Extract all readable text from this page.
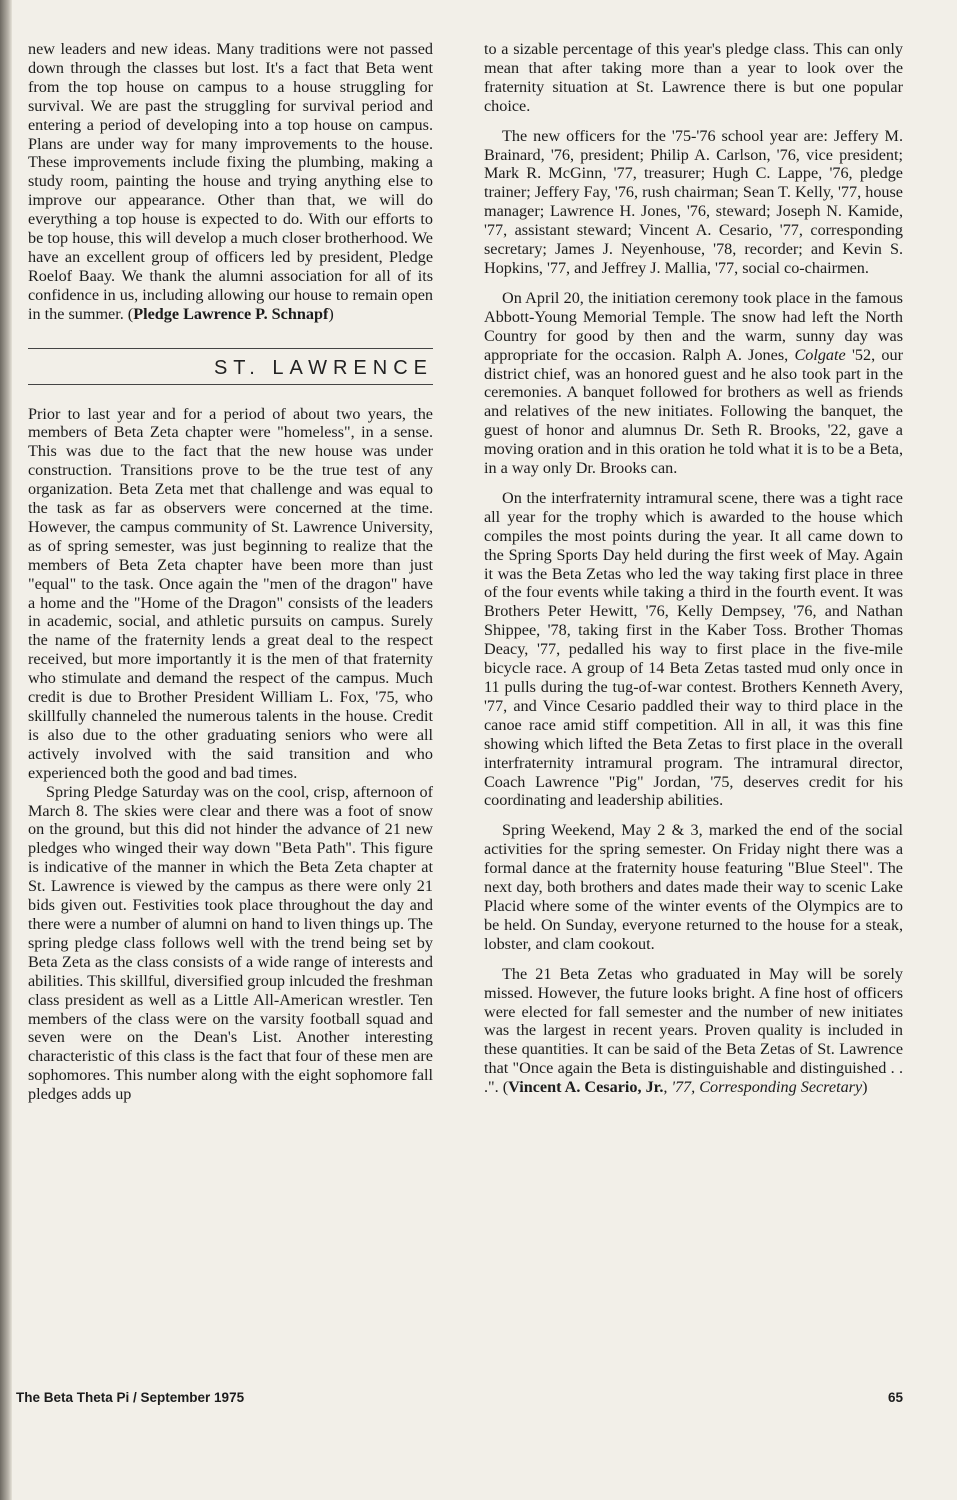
new leaders and new ideas. Many traditions were not passed down through the classes but lost. It's a fact that Beta went from the top house on campus to a house struggling for survival. We are past the struggling for survival period and entering a period of developing into a top house on campus. Plans are under way for many improvements to the house. These improvements include fixing the plumbing, making a study room, painting the house and trying anything else to improve our appearance. Other than that, we will do everything a top house is expected to do. With our efforts to be top house, this will develop a much closer brotherhood. We have an excellent group of officers led by president, Pledge Roelof Baay. We thank the alumni association for all of its confidence in us, including allowing our house to remain open in the summer. (Pledge Lawrence P. Schnapf)

ST. LAWRENCE

Prior to last year and for a period of about two years, the members of Beta Zeta chapter were "homeless", in a sense. This was due to the fact that the new house was under construction. Transitions prove to be the true test of any organization. Beta Zeta met that challenge and was equal to the task as far as observers were concerned at the time. However, the campus community of St. Lawrence University, as of spring semester, was just beginning to realize that the members of Beta Zeta chapter have been more than just "equal" to the task. Once again the "men of the dragon" have a home and the "Home of the Dragon" consists of the leaders in academic, social, and athletic pursuits on campus. Surely the name of the fraternity lends a great deal to the respect received, but more importantly it is the men of that fraternity who stimulate and demand the respect of the campus. Much credit is due to Brother President William L. Fox, '75, who skillfully channeled the numerous talents in the house. Credit is also due to the other graduating seniors who were all actively involved with the said transition and who experienced both the good and bad times.

Spring Pledge Saturday was on the cool, crisp, afternoon of March 8. The skies were clear and there was a foot of snow on the ground, but this did not hinder the advance of 21 new pledges who winged their way down "Beta Path". This figure is indicative of the manner in which the Beta Zeta chapter at St. Lawrence is viewed by the campus as there were only 21 bids given out. Festivities took place throughout the day and there were a number of alumni on hand to liven things up. The spring pledge class follows well with the trend being set by Beta Zeta as the class consists of a wide range of interests and abilities. This skillful, diversified group inlcuded the freshman class president as well as a Little All-American wrestler. Ten members of the class were on the varsity football squad and seven were on the Dean's List. Another interesting characteristic of this class is the fact that four of these men are sophomores. This number along with the eight sophomore fall pledges adds up

to a sizable percentage of this year's pledge class. This can only mean that after taking more than a year to look over the fraternity situation at St. Lawrence there is but one popular choice.

The new officers for the '75-'76 school year are: Jeffery M. Brainard, '76, president; Philip A. Carlson, '76, vice president; Mark R. McGinn, '77, treasurer; Hugh C. Lappe, '76, pledge trainer; Jeffery Fay, '76, rush chairman; Sean T. Kelly, '77, house manager; Lawrence H. Jones, '76, steward; Joseph N. Kamide, '77, assistant steward; Vincent A. Cesario, '77, corresponding secretary; James J. Neyenhouse, '78, recorder; and Kevin S. Hopkins, '77, and Jeffrey J. Mallia, '77, social co-chairmen.

On April 20, the initiation ceremony took place in the famous Abbott-Young Memorial Temple. The snow had left the North Country for good by then and the warm, sunny day was appropriate for the occasion. Ralph A. Jones, Colgate '52, our district chief, was an honored guest and he also took part in the ceremonies. A banquet followed for brothers as well as friends and relatives of the new initiates. Following the banquet, the guest of honor and alumnus Dr. Seth R. Brooks, '22, gave a moving oration and in this oration he told what it is to be a Beta, in a way only Dr. Brooks can.

On the interfraternity intramural scene, there was a tight race all year for the trophy which is awarded to the house which compiles the most points during the year. It all came down to the Spring Sports Day held during the first week of May. Again it was the Beta Zetas who led the way taking first place in three of the four events while taking a third in the fourth event. It was Brothers Peter Hewitt, '76, Kelly Dempsey, '76, and Nathan Shippee, '78, taking first in the Kaber Toss. Brother Thomas Deacy, '77, pedalled his way to first place in the five-mile bicycle race. A group of 14 Beta Zetas tasted mud only once in 11 pulls during the tug-of-war contest. Brothers Kenneth Avery, '77, and Vince Cesario paddled their way to third place in the canoe race amid stiff competition. All in all, it was this fine showing which lifted the Beta Zetas to first place in the overall interfraternity intramural program. The intramural director, Coach Lawrence "Pig" Jordan, '75, deserves credit for his coordinating and leadership abilities.

Spring Weekend, May 2 & 3, marked the end of the social activities for the spring semester. On Friday night there was a formal dance at the fraternity house featuring "Blue Steel". The next day, both brothers and dates made their way to scenic Lake Placid where some of the winter events of the Olympics are to be held. On Sunday, everyone returned to the house for a steak, lobster, and clam cookout.

The 21 Beta Zetas who graduated in May will be sorely missed. However, the future looks bright. A fine host of officers were elected for fall semester and the number of new initiates was the largest in recent years. Proven quality is included in these quantities. It can be said of the Beta Zetas of St. Lawrence that "Once again the Beta is distinguishable and distinguished . . .". (Vincent A. Cesario, Jr., '77, Corresponding Secretary)

The Beta Theta Pi / September 1975	65
